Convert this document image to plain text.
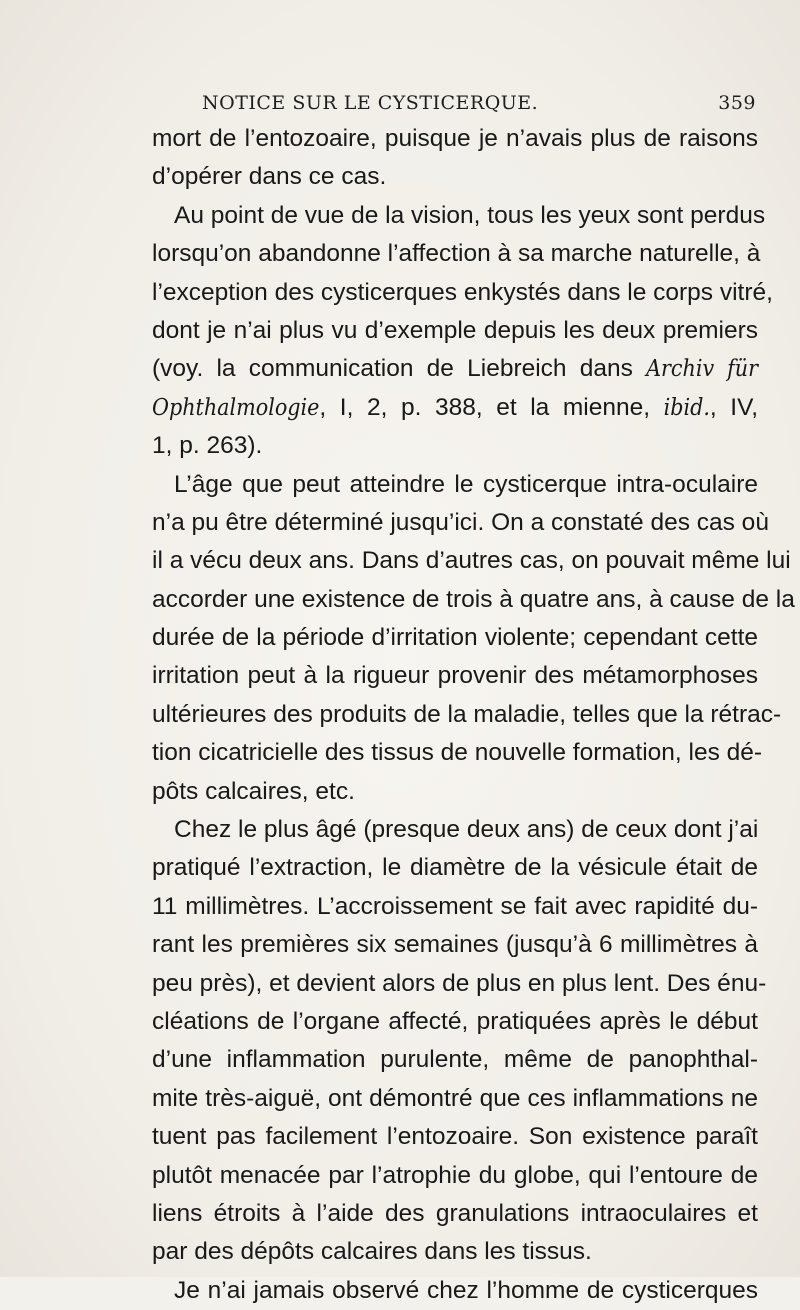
NOTICE SUR LE CYSTICERQUE.	359
mort de l’entozoaire, puisque je n’avais plus de raisons
d’opérer dans ce cas.
Au point de vue de la vision, tous les yeux sont perdus
lorsqu’on abandonne l’affection à sa marche naturelle, à
l’exception des cysticerques enkystés dans le corps vitré,
dont je n’ai plus vu d’exemple depuis les deux premiers
(voy. la communication de Liebreich dans Archiv für
Ophthalmologie, I, 2, p. 388, et la mienne, ibid., IV,
1, p. 263).
L’âge que peut atteindre le cysticerque intra-oculaire
n’a pu être déterminé jusqu’ici. On a constaté des cas où
il a vécu deux ans. Dans d’autres cas, on pouvait même lui
accorder une existence de trois à quatre ans, à cause de la
durée de la période d’irritation violente; cependant cette
irritation peut à la rigueur provenir des métamorphoses
ultérieures des produits de la maladie, telles que la rétrac-
tion cicatricielle des tissus de nouvelle formation, les dé-
pôts calcaires, etc.
Chez le plus âgé (presque deux ans) de ceux dont j’ai
pratiqué l’extraction, le diamètre de la vésicule était de
11 millimètres. L’accroissement se fait avec rapidité du-
rant les premières six semaines (jusqu’à 6 millimètres à
peu près), et devient alors de plus en plus lent. Des énu-
cléations de l’organe affecté, pratiquées après le début
d’une inflammation purulente, même de panophthal-
mite très-aiguë, ont démontré que ces inflammations ne
tuent pas facilement l’entozoaire. Son existence paraît
plutôt menacée par l’atrophie du globe, qui l’entoure de
liens étroits à l’aide des granulations intraoculaires et
par des dépôts calcaires dans les tissus.
Je n’ai jamais observé chez l’homme de cysticerques
